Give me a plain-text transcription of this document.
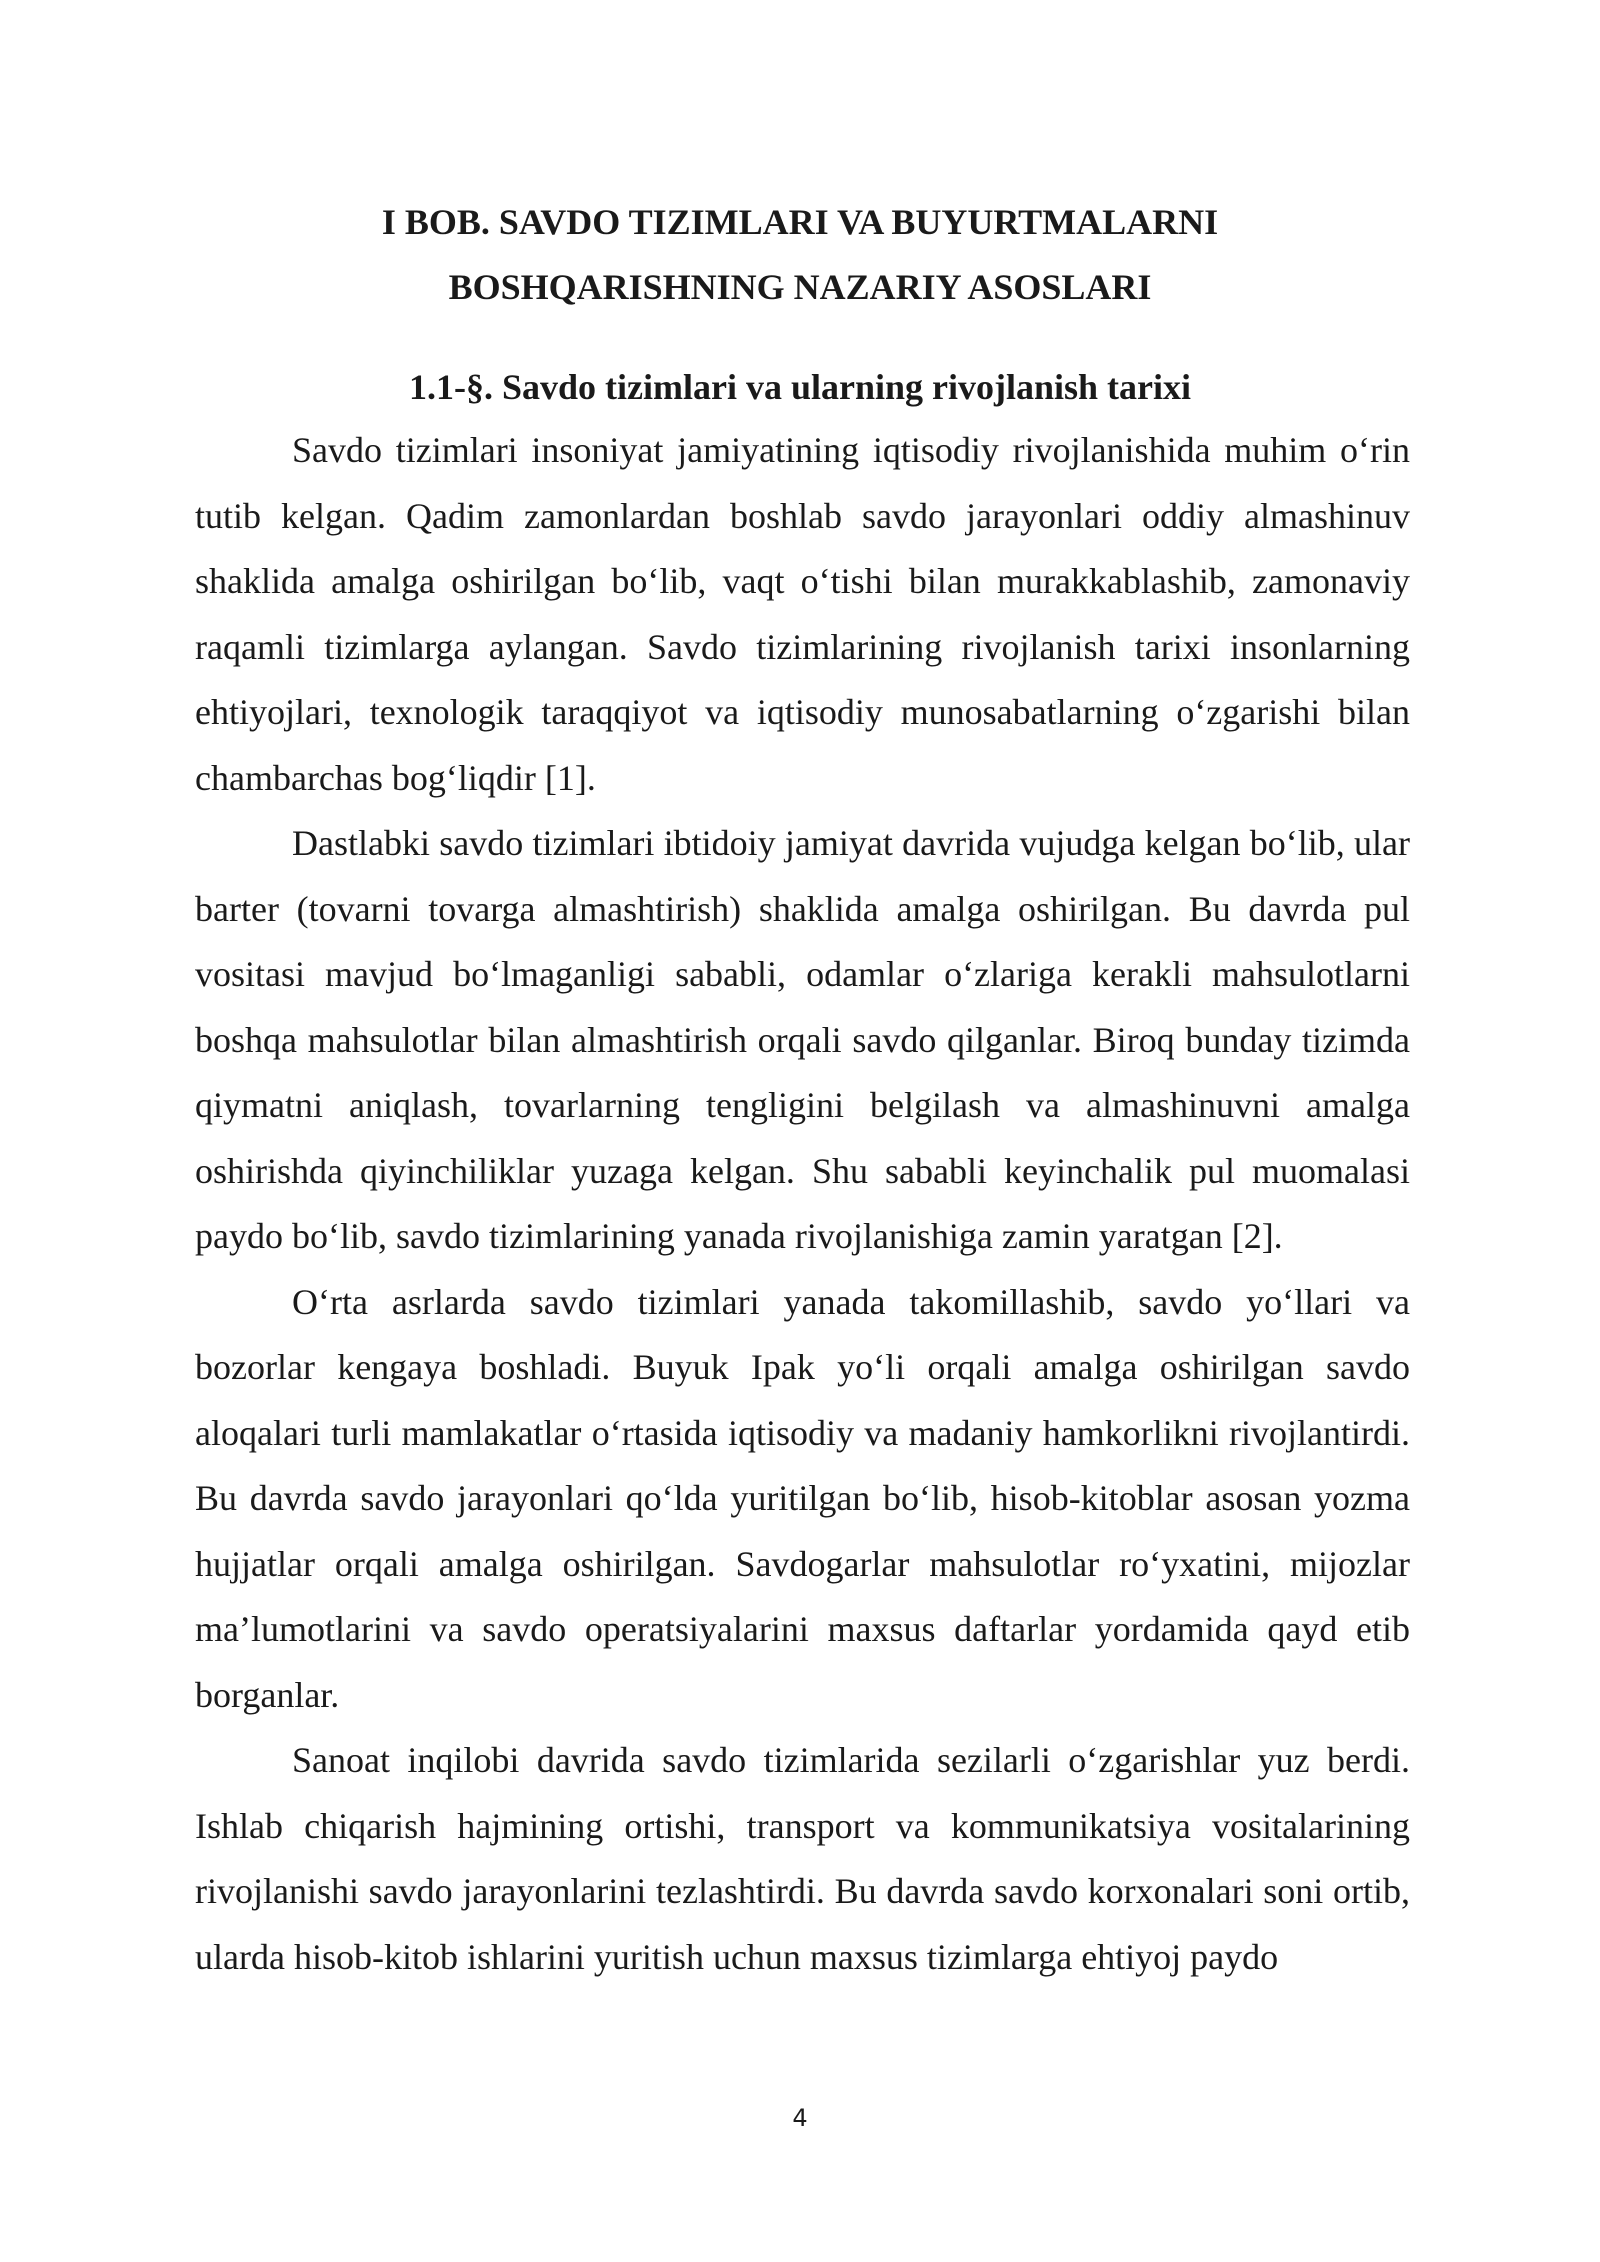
I BOB. SAVDO TIZIMLARI VA BUYURTMALARNI
BOSHQARISHNING NAZARIY ASOSLARI
1.1-§. Savdo tizimlari va ularning rivojlanish tarixi

Savdo tizimlari insoniyat jamiyatining iqtisodiy rivojlanishida muhim o‘rin tutib kelgan. Qadim zamonlardan boshlab savdo jarayonlari oddiy almashinuv shaklida amalga oshirilgan bo‘lib, vaqt o‘tishi bilan murakkablashib, zamonaviy raqamli tizimlarga aylangan. Savdo tizimlarining rivojlanish tarixi insonlarning ehtiyojlari, texnologik taraqqiyot va iqtisodiy munosabatlarning o‘zgarishi bilan chambarchas bog‘liqdir [1].

Dastlabki savdo tizimlari ibtidoiy jamiyat davrida vujudga kelgan bo‘lib, ular barter (tovarni tovarga almashtirish) shaklida amalga oshirilgan. Bu davrda pul vositasi mavjud bo‘lmaganligi sababli, odamlar o‘zlariga kerakli mahsulotlarni boshqa mahsulotlar bilan almashtirish orqali savdo qilganlar. Biroq bunday tizimda qiymatni aniqlash, tovarlarning tengligini belgilash va almashinuvni amalga oshirishda qiyinchiliklar yuzaga kelgan. Shu sababli keyinchalik pul muomalasi paydo bo‘lib, savdo tizimlarining yanada rivojlanishiga zamin yaratgan [2].

O‘rta asrlarda savdo tizimlari yanada takomillashib, savdo yo‘llari va bozorlar kengaya boshladi. Buyuk Ipak yo‘li orqali amalga oshirilgan savdo aloqalari turli mamlakatlar o‘rtasida iqtisodiy va madaniy hamkorlikni rivojlantirdi. Bu davrda savdo jarayonlari qo‘lda yuritilgan bo‘lib, hisob-kitoblar asosan yozma hujjatlar orqali amalga oshirilgan. Savdogarlar mahsulotlar ro‘yxatini, mijozlar ma’lumotlarini va savdo operatsiyalarini maxsus daftarlar yordamida qayd etib borganlar.

Sanoat inqilobi davrida savdo tizimlarida sezilarli o‘zgarishlar yuz berdi. Ishlab chiqarish hajmining ortishi, transport va kommunikatsiya vositalarining rivojlanishi savdo jarayonlarini tezlashtirdi. Bu davrda savdo korxonalari soni ortib, ularda hisob-kitob ishlarini yuritish uchun maxsus tizimlarga ehtiyoj paydo

4
